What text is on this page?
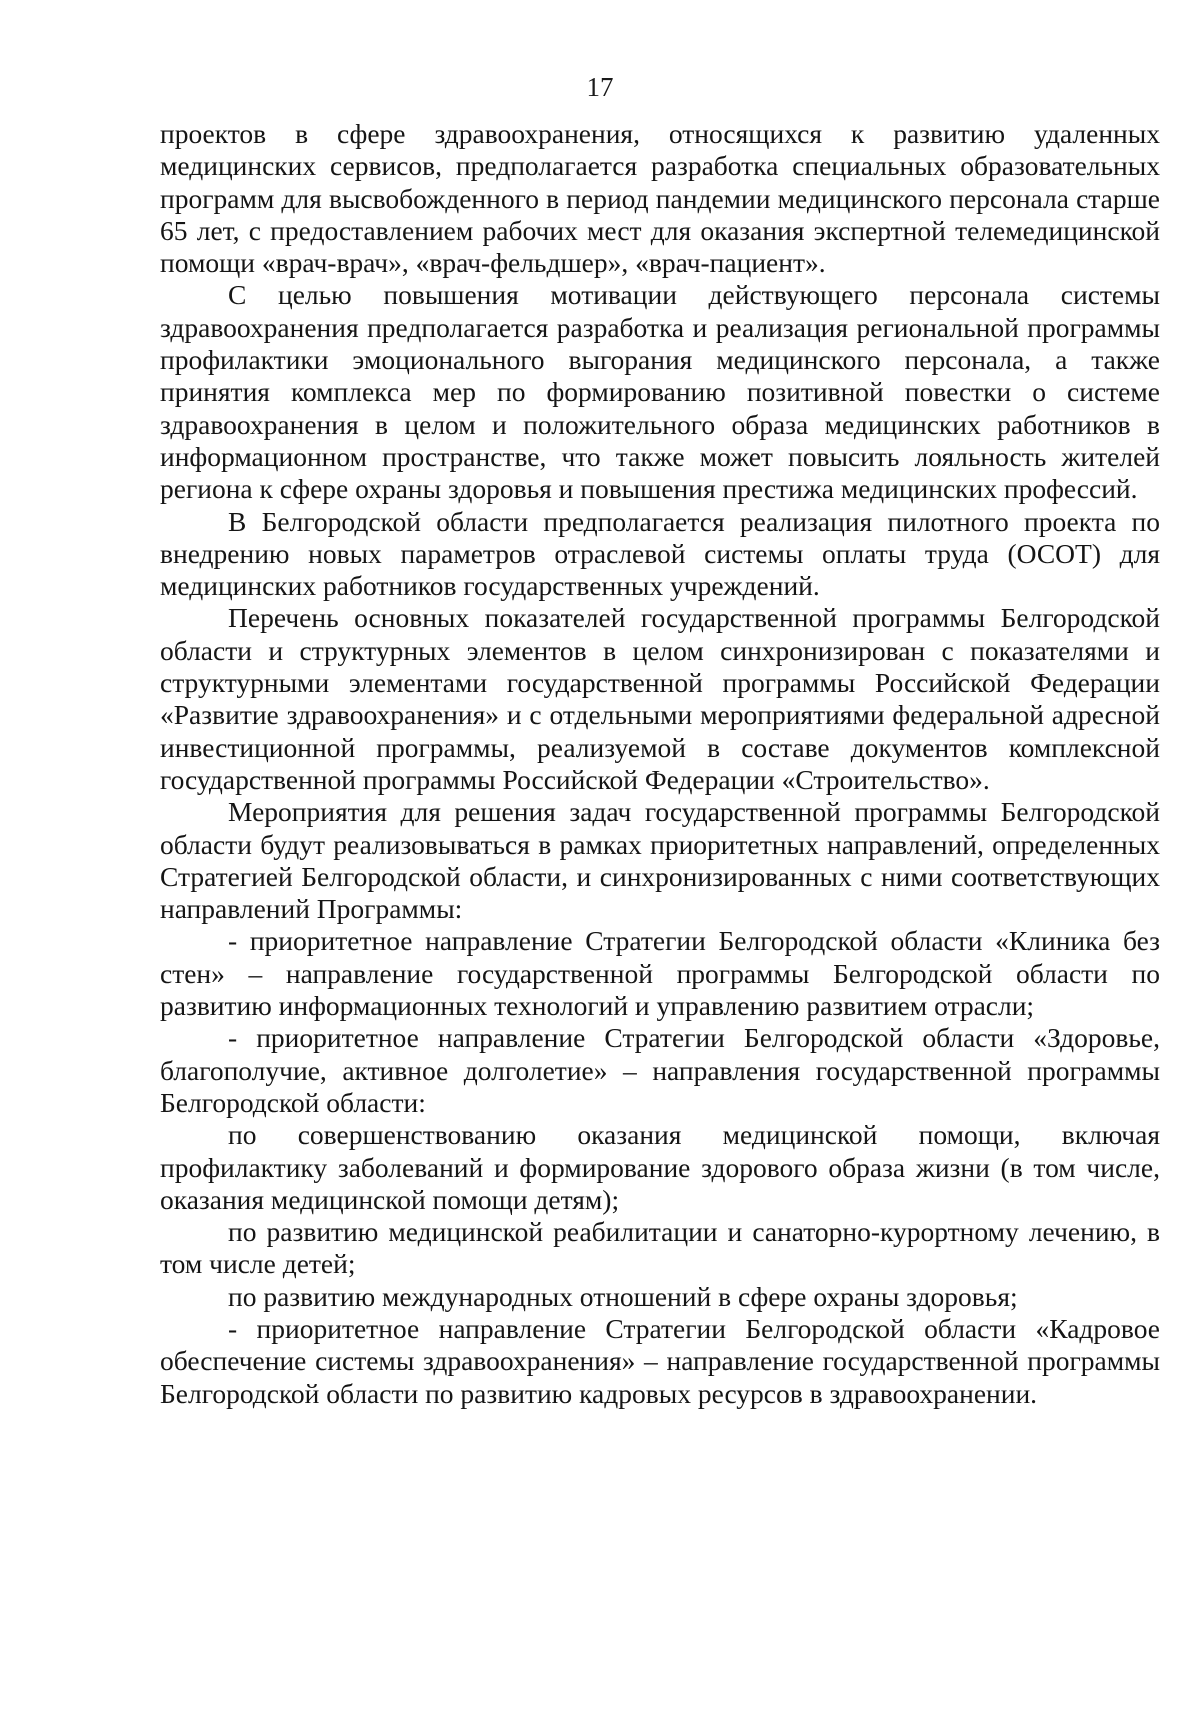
17

проектов в сфере здравоохранения, относящихся к развитию удаленных медицинских сервисов, предполагается разработка специальных образовательных программ для высвобожденного в период пандемии медицинского персонала старше 65 лет, с предоставлением рабочих мест для оказания экспертной телемедицинской помощи «врач-врач», «врач-фельдшер», «врач-пациент».

С целью повышения мотивации действующего персонала системы здравоохранения предполагается разработка и реализация региональной программы профилактики эмоционального выгорания медицинского персонала, а также принятия комплекса мер по формированию позитивной повестки о системе здравоохранения в целом и положительного образа медицинских работников в информационном пространстве, что также может повысить лояльность жителей региона к сфере охраны здоровья и повышения престижа медицинских профессий.

В Белгородской области предполагается реализация пилотного проекта по внедрению новых параметров отраслевой системы оплаты труда (ОСОТ) для медицинских работников государственных учреждений.

Перечень основных показателей государственной программы Белгородской области и структурных элементов в целом синхронизирован с показателями и структурными элементами государственной программы Российской Федерации «Развитие здравоохранения» и с отдельными мероприятиями федеральной адресной инвестиционной программы, реализуемой в составе документов комплексной государственной программы Российской Федерации «Строительство».

Мероприятия для решения задач государственной программы Белгородской области будут реализовываться в рамках приоритетных направлений, определенных Стратегией Белгородской области, и синхронизированных с ними соответствующих направлений Программы:

- приоритетное направление Стратегии Белгородской области «Клиника без стен» – направление государственной программы Белгородской области по развитию информационных технологий и управлению развитием отрасли;

- приоритетное направление Стратегии Белгородской области «Здоровье, благополучие, активное долголетие» – направления государственной программы Белгородской области:

по совершенствованию оказания медицинской помощи, включая профилактику заболеваний и формирование здорового образа жизни (в том числе, оказания медицинской помощи детям);

по развитию медицинской реабилитации и санаторно-курортному лечению, в том числе детей;

по развитию международных отношений в сфере охраны здоровья;

- приоритетное направление Стратегии Белгородской области «Кадровое обеспечение системы здравоохранения» – направление государственной программы Белгородской области по развитию кадровых ресурсов в здравоохранении.
